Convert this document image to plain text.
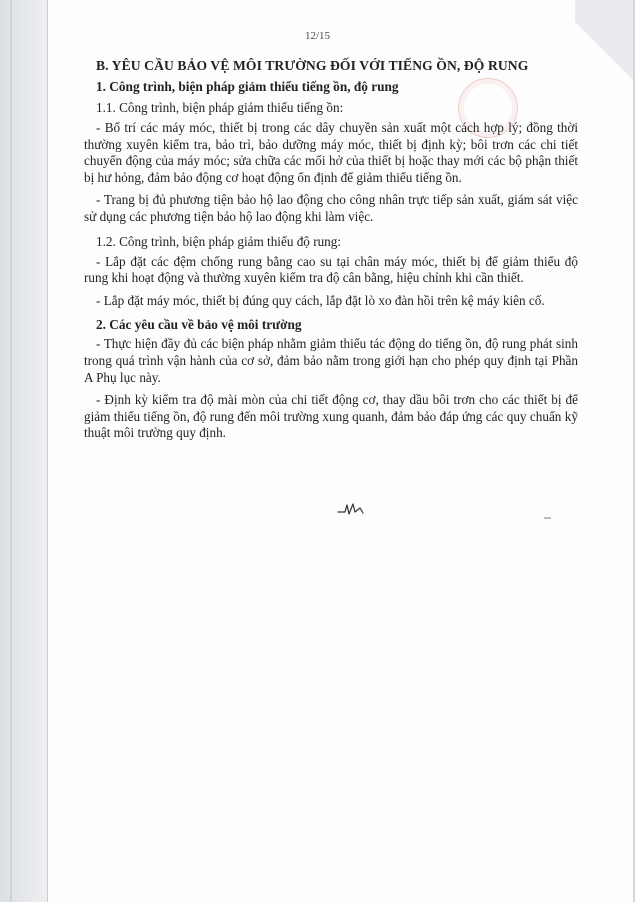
12/15
B. YÊU CẦU BẢO VỆ MÔI TRƯỜNG ĐỐI VỚI TIẾNG ỒN, ĐỘ RUNG
1. Công trình, biện pháp giảm thiểu tiếng ồn, độ rung
1.1. Công trình, biện pháp giảm thiểu tiếng ồn:

- Bố trí các máy móc, thiết bị trong các dây chuyền sản xuất một cách hợp lý; đồng thời thường xuyên kiểm tra, bảo trì, bảo dưỡng máy móc, thiết bị định kỳ; bôi trơn các chi tiết chuyển động của máy móc; sửa chữa các mối hở của thiết bị hoặc thay mới các bộ phận thiết bị hư hỏng, đảm bảo động cơ hoạt động ổn định để giảm thiểu tiếng ồn.

- Trang bị đủ phương tiện bảo hộ lao động cho công nhân trực tiếp sản xuất, giám sát việc sử dụng các phương tiện bảo hộ lao động khi làm việc.

1.2. Công trình, biện pháp giảm thiểu độ rung:

- Lắp đặt các đệm chống rung bằng cao su tại chân máy móc, thiết bị để giảm thiểu độ rung khi hoạt động và thường xuyên kiểm tra độ cân bằng, hiệu chỉnh khi cần thiết.

- Lắp đặt máy móc, thiết bị đúng quy cách, lắp đặt lò xo đàn hồi trên kệ máy kiên cố.

2. Các yêu cầu về bảo vệ môi trường

- Thực hiện đầy đủ các biện pháp nhằm giảm thiểu tác động do tiếng ồn, độ rung phát sinh trong quá trình vận hành của cơ sở, đảm bảo nằm trong giới hạn cho phép quy định tại Phần A Phụ lục này.

- Định kỳ kiểm tra độ mài mòn của chi tiết động cơ, thay dầu bôi trơn cho các thiết bị để giảm thiểu tiếng ồn, độ rung đến môi trường xung quanh, đảm bảo đáp ứng các quy chuẩn kỹ thuật môi trường quy định.
